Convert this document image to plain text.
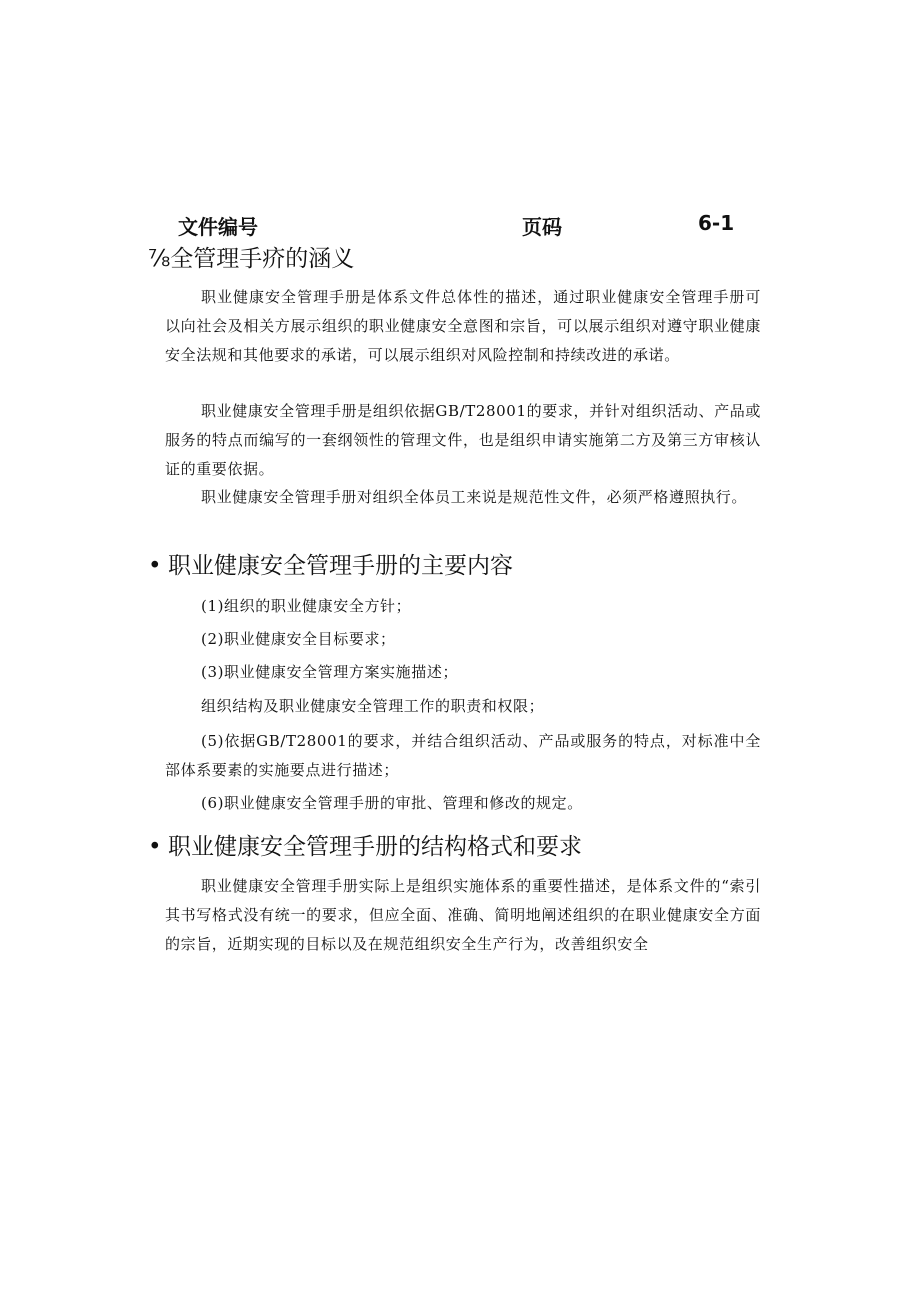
文件编号	页码	6-1
⅞全管理手疥的涵义

职业健康安全管理手册是体系文件总体性的描述，通过职业健康安全管理手册可以向社会及相关方展示组织的职业健康安全意图和宗旨，可以展示组织对遵守职业健康安全法规和其他要求的承诺，可以展示组织对风险控制和持续改进的承诺。

职业健康安全管理手册是组织依据GB/T28001的要求，并针对组织活动、产品或服务的特点而编写的一套纲领性的管理文件，也是组织申请实施第二方及第三方审核认证的重要依据。

职业健康安全管理手册对组织全体员工来说是规范性文件，必须严格遵照执行。

• 职业健康安全管理手册的主要内容

(1)组织的职业健康安全方针；

(2)职业健康安全目标要求；

(3)职业健康安全管理方案实施描述；

组织结构及职业健康安全管理工作的职责和权限；

(5)依据GB/T28001的要求，并结合组织活动、产品或服务的特点，对标准中全部体系要素的实施要点进行描述；

(6)职业健康安全管理手册的审批、管理和修改的规定。

• 职业健康安全管理手册的结构格式和要求

职业健康安全管理手册实际上是组织实施体系的重要性描述，是体系文件的“索引其书写格式没有统一的要求，但应全面、准确、简明地阐述组织的在职业健康安全方面的宗旨，近期实现的目标以及在规范组织安全生产行为，改善组织安全
